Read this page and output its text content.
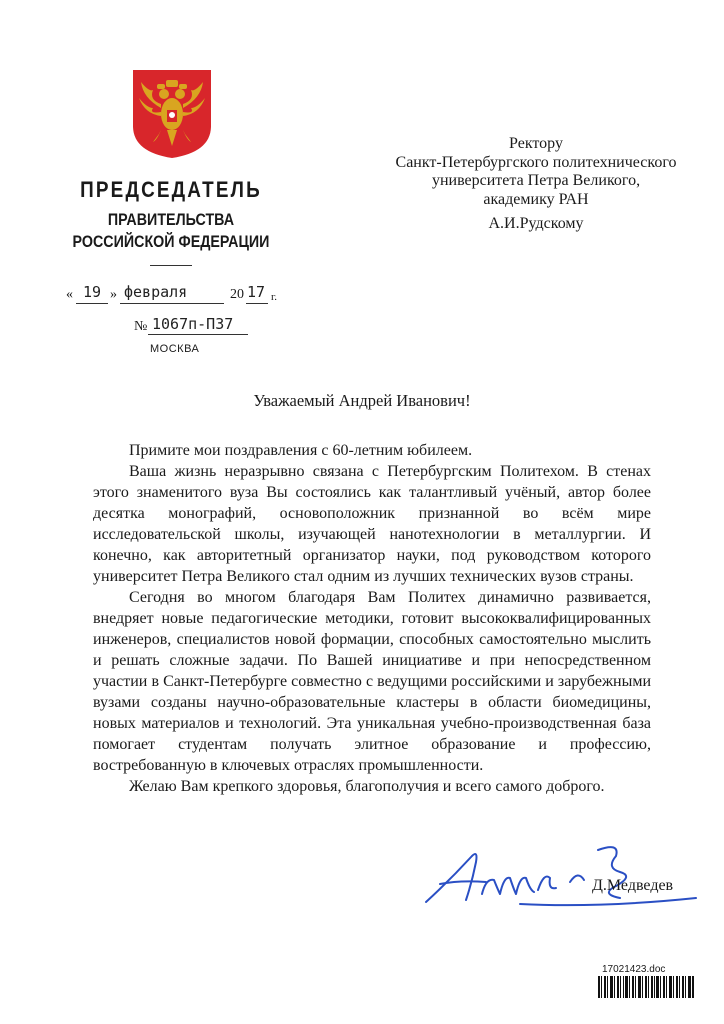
ПРЕДСЕДАТЕЛЬ
ПРАВИТЕЛЬСТВА
РОССИЙСКОЙ ФЕДЕРАЦИИ
« 19 » февраля	20 17 г.
№ 1067п-П37
МОСКВА
Ректору
Санкт-Петербургского политехнического
университета Петра Великого,
академику РАН
А.И.Рудскому
Уважаемый Андрей Иванович!

Примите мои поздравления с 60-летним юбилеем.

Ваша жизнь неразрывно связана с Петербургским Политехом. В стенах этого знаменитого вуза Вы состоялись как талантливый учёный, автор более десятка монографий, основоположник признанной во всём мире исследовательской школы, изучающей нанотехнологии в металлургии. И конечно, как авторитетный организатор науки, под руководством которого университет Петра Великого стал одним из лучших технических вузов страны.

Сегодня во многом благодаря Вам Политех динамично развивается, внедряет новые педагогические методики, готовит высококвалифицированных инженеров, специалистов новой формации, способных самостоятельно мыслить и решать сложные задачи. По Вашей инициативе и при непосредственном участии в Санкт-Петербурге совместно с ведущими российскими и зарубежными вузами созданы научно-образовательные кластеры в области биомедицины, новых материалов и технологий. Эта уникальная учебно-производственная база помогает студентам получать элитное образование и профессию, востребованную в ключевых отраслях промышленности.

Желаю Вам крепкого здоровья, благополучия и всего самого доброго.

Д.Медведев
17021423.doc
